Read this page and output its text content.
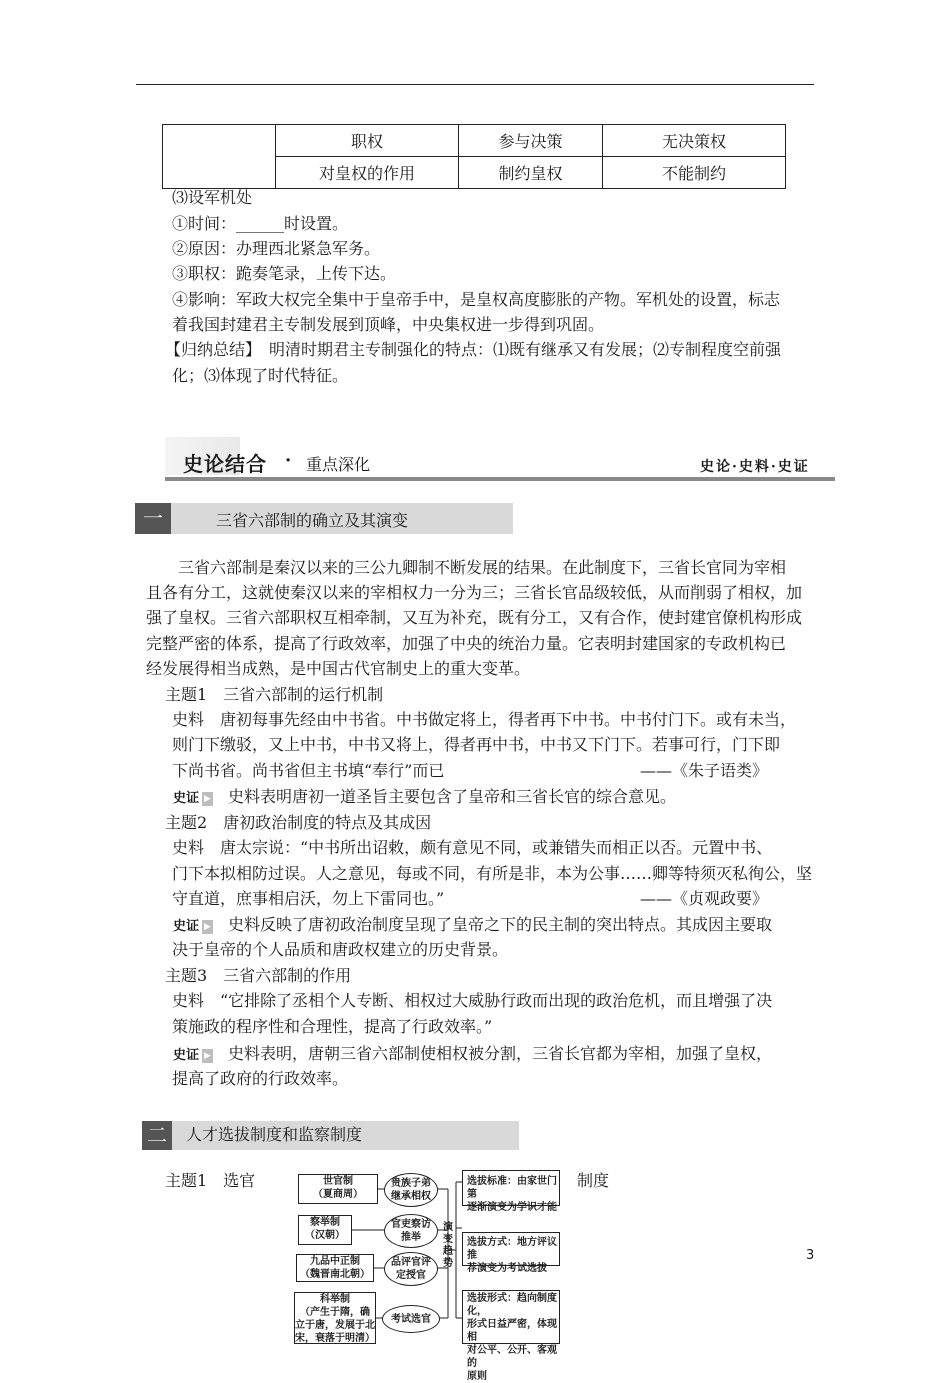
	职权	参与决策	无决策权
	对皇权的作用	制约皇权	不能制约
⑶设军机处
①时间：______时设置。
②原因：办理西北紧急军务。
③职权：跪奏笔录，上传下达。
④影响：军政大权完全集中于皇帝手中，是皇权高度膨胀的产物。军机处的设置，标志
着我国封建君主专制发展到顶峰，中央集权进一步得到巩固。
【归纳总结】　明清时期君主专制强化的特点：⑴既有继承又有发展；⑵专制程度空前强
化；⑶体现了时代特征。
史论结合 · 重点深化	史论·史料·史证
一	三省六部制的确立及其演变
　　三省六部制是秦汉以来的三公九卿制不断发展的结果。在此制度下，三省长官同为宰相
且各有分工，这就使秦汉以来的宰相权力一分为三；三省长官品级较低，从而削弱了相权，加
强了皇权。三省六部职权互相牵制，又互为补充，既有分工，又有合作，使封建官僚机构形成
完整严密的体系，提高了行政效率，加强了中央的统治力量。它表明封建国家的专政机构已
经发展得相当成熟，是中国古代官制史上的重大变革。
主题1　三省六部制的运行机制
史料　唐初每事先经由中书省。中书做定将上，得者再下中书。中书付门下。或有未当，
则门下缴驳，又上中书，中书又将上，得者再中书，中书又下门下。若事可行，门下即
下尚书省。尚书省但主书填“奉行”而已	——《朱子语类》
史证 ▶ 史料表明唐初一道圣旨主要包含了皇帝和三省长官的综合意见。
主题2　唐初政治制度的特点及其成因
史料　唐太宗说：“中书所出诏敕，颇有意见不同，或兼错失而相正以否。元置中书、
门下本拟相防过误。人之意见，每或不同，有所是非，本为公事……卿等特须灭私徇公，坚
守直道，庶事相启沃，勿上下雷同也。”	——《贞观政要》
史证 ▶ 史料反映了唐初政治制度呈现了皇帝之下的民主制的突出特点。其成因主要取
决于皇帝的个人品质和唐政权建立的历史背景。
主题3　三省六部制的作用
史料　“它排除了丞相个人专断、相权过大威胁行政而出现的政治危机，而且增强了决
策施政的程序性和合理性，提高了行政效率。”
史证 ▶ 史料表明，唐朝三省六部制使相权被分割，三省长官都为宰相，加强了皇权，
提高了政府的行政效率。
二	人才选拔制度和监察制度
主题1　选官	制度
世官制
（夏商周）
察举制
（汉朝）
九品中正制
（魏晋南北朝）
科举制
（产生于隋，确
立于唐，发展于北
宋，衰落于明清）
贵族子弟
继承相权
官吏察访
推举
品评官评
定授官
考试选官
演
变
趋
势
选拔标准：由家世门第
逐渐演变为学识才能
选拔方式：地方评议推
荐演变为考试选拔
选拔形式：趋向制度化，
形式日益严密，体现相
对公平、公开、客观的
原则
3
